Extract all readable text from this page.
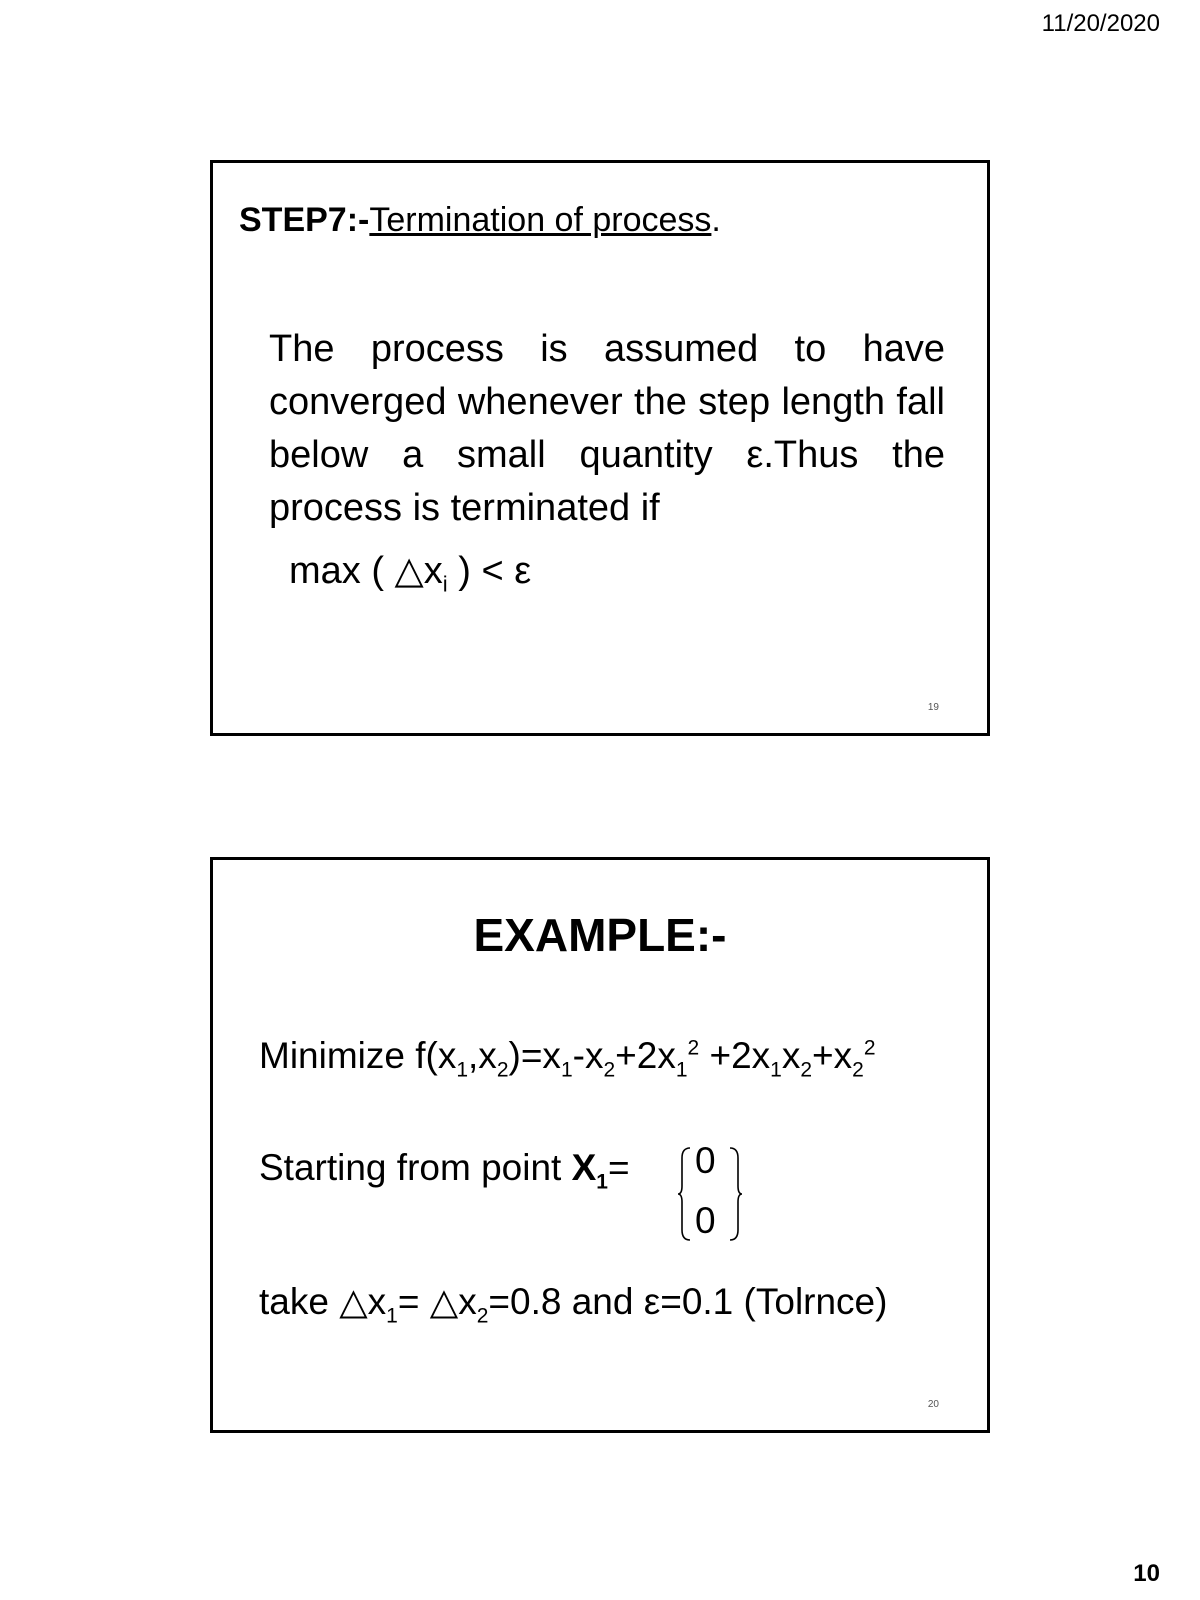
11/20/2020
STEP7:-Termination of process.
The process is assumed to have converged whenever the step length fall below a small quantity ε.Thus the process is terminated if
max ( $\triangle x_i$ ) < ε
19
EXAMPLE:-
Minimize $f(x_1,x_2)=x_1-x_2+2x_1^2 +2x_1x_2+x_2^2$
Starting from point $X_1= 0$
0
take $\triangle x_1=$ $\triangle x_2=0.8$ and ε=0.1 (Tolrnce)
20
10
